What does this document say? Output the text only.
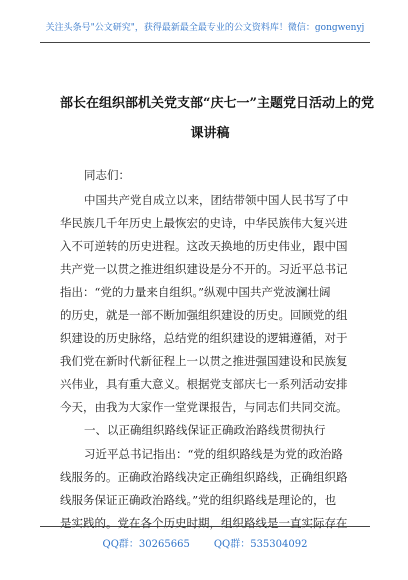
关注头条号"公文研究"，获得最新最全最专业的公文资料库！微信：gongwenyj
部长在组织部机关党支部“庆七一”主题党日活动上的党
课讲稿
同志们：
中国共产党自成立以来，团结带领中国人民书写了中
华民族几千年历史上最恢宏的史诗，中华民族伟大复兴进
入不可逆转的历史进程。这改天换地的历史伟业，跟中国
共产党一以贯之推进组织建设是分不开的。习近平总书记
指出：“党的力量来自组织。”纵观中国共产党波澜壮阔
的历史，就是一部不断加强组织建设的历史。回顾党的组
织建设的历史脉络，总结党的组织建设的逻辑遵循，对于
我们党在新时代新征程上一以贯之推进强国建设和民族复
兴伟业，具有重大意义。根据党支部庆七一系列活动安排
今天，由我为大家作一堂党课报告，与同志们共同交流。
一、以正确组织路线保证正确政治路线贯彻执行
习近平总书记指出：“党的组织路线是为党的政治路
线服务的。正确政治路线决定正确组织路线，正确组织路
线服务保证正确政治路线。”党的组织路线是理论的，也
是实践的。党在各个历史时期，组织路线是一直实际存在
QQ群：30265665 QQ群：535304092
